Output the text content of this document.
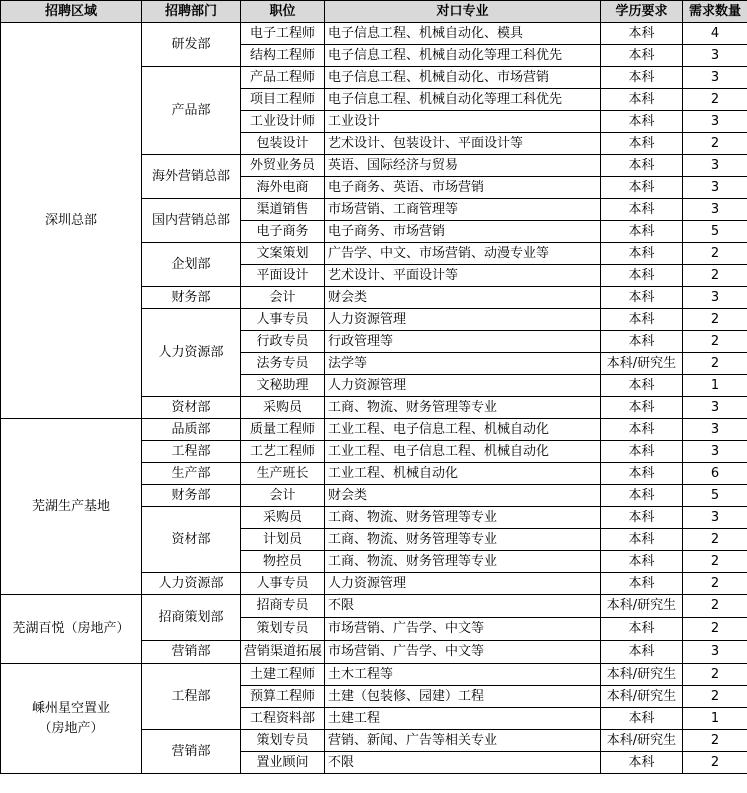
招聘区域	招聘部门	职位	对口专业	学历要求	需求数量
深圳总部	研发部	电子工程师	电子信息工程、机械自动化、模具	本科	4
		结构工程师	电子信息工程、机械自动化等理工科优先	本科	3
	产品部	产品工程师	电子信息工程、机械自动化、市场营销	本科	3
		项目工程师	电子信息工程、机械自动化等理工科优先	本科	2
		工业设计师	工业设计	本科	3
		包装设计	艺术设计、包装设计、平面设计等	本科	2
	海外营销总部	外贸业务员	英语、国际经济与贸易	本科	3
		海外电商	电子商务、英语、市场营销	本科	3
	国内营销总部	渠道销售	市场营销、工商管理等	本科	3
		电子商务	电子商务、市场营销	本科	5
	企划部	文案策划	广告学、中文、市场营销、动漫专业等	本科	2
		平面设计	艺术设计、平面设计等	本科	2
	财务部	会计	财会类	本科	3
	人力资源部	人事专员	人力资源管理	本科	2
		行政专员	行政管理等	本科	2
		法务专员	法学等	本科/研究生	2
		文秘助理	人力资源管理	本科	1
	资材部	采购员	工商、物流、财务管理等专业	本科	3
芜湖生产基地	品质部	质量工程师	工业工程、电子信息工程、机械自动化	本科	3
	工程部	工艺工程师	工业工程、电子信息工程、机械自动化	本科	3
	生产部	生产班长	工业工程、机械自动化	本科	6
	财务部	会计	财会类	本科	5
	资材部	采购员	工商、物流、财务管理等专业	本科	3
		计划员	工商、物流、财务管理等专业	本科	2
		物控员	工商、物流、财务管理等专业	本科	2
	人力资源部	人事专员	人力资源管理	本科	2
芜湖百悦（房地产）	招商策划部	招商专员	不限	本科/研究生	2
		策划专员	市场营销、广告学、中文等	本科	2
	营销部	营销渠道拓展	市场营销、广告学、中文等	本科	3
嵊州星空置业
（房地产）	工程部	土建工程师	土木工程等	本科/研究生	2
		预算工程师	土建（包装修、园建）工程	本科/研究生	2
		工程资料部	土建工程	本科	1
	营销部	策划专员	营销、新闻、广告等相关专业	本科/研究生	2
		置业顾问	不限	本科	2
